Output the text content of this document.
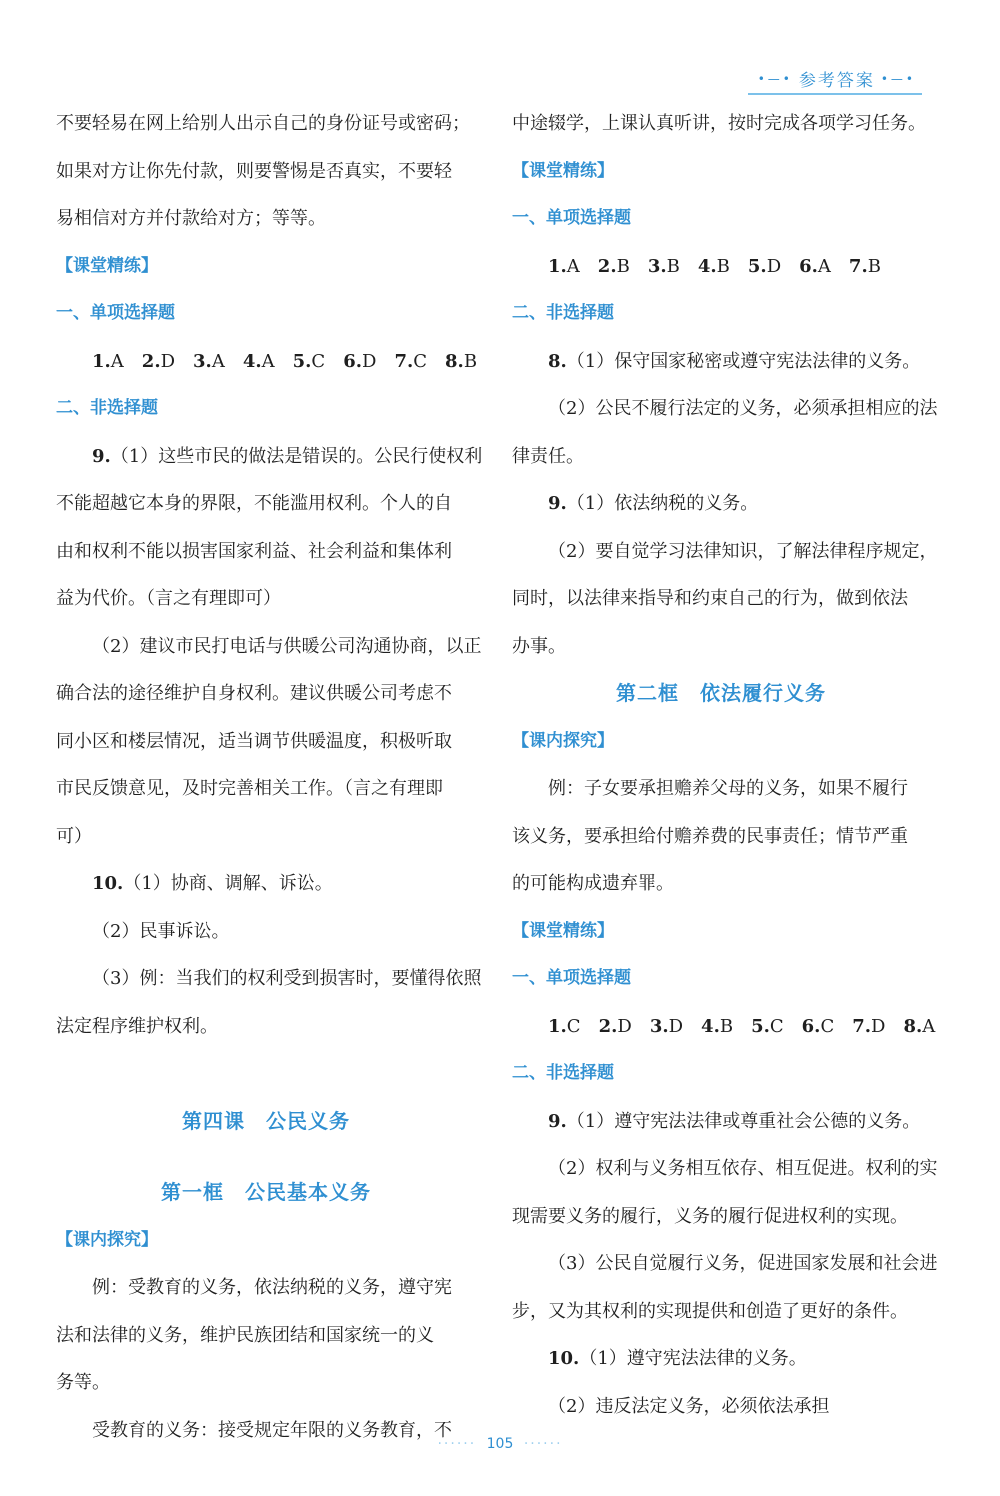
•—• 参考答案 •—•
不要轻易在网上给别人出示自己的身份证号或密码；
如果对方让你先付款，则要警惕是否真实，不要轻
易相信对方并付款给对方；等等。
【课堂精练】
一、单项选择题
1.A 2.D 3.A 4.A 5.C 6.D 7.C 8.B
二、非选择题
9.（1）这些市民的做法是错误的。公民行使权利
不能超越它本身的界限，不能滥用权利。个人的自
由和权利不能以损害国家利益、社会利益和集体利
益为代价。（言之有理即可）
（2）建议市民打电话与供暖公司沟通协商，以正
确合法的途径维护自身权利。建议供暖公司考虑不
同小区和楼层情况，适当调节供暖温度，积极听取
市民反馈意见，及时完善相关工作。（言之有理即
可）
10.（1）协商、调解、诉讼。
（2）民事诉讼。
（3）例：当我们的权利受到损害时，要懂得依照
法定程序维护权利。
第四课　公民义务
第一框　公民基本义务
【课内探究】
例：受教育的义务，依法纳税的义务，遵守宪
法和法律的义务，维护民族团结和国家统一的义
务等。
受教育的义务：接受规定年限的义务教育，不
中途辍学，上课认真听讲，按时完成各项学习任务。
【课堂精练】
一、单项选择题
1.A 2.B 3.B 4.B 5.D 6.A 7.B
二、非选择题
8.（1）保守国家秘密或遵守宪法法律的义务。
（2）公民不履行法定的义务，必须承担相应的法
律责任。
9.（1）依法纳税的义务。
（2）要自觉学习法律知识，了解法律程序规定，
同时，以法律来指导和约束自己的行为，做到依法
办事。
第二框　依法履行义务
【课内探究】
例：子女要承担赡养父母的义务，如果不履行
该义务，要承担给付赡养费的民事责任；情节严重
的可能构成遗弃罪。
【课堂精练】
一、单项选择题
1.C 2.D 3.D 4.B 5.C 6.C 7.D 8.A
二、非选择题
9.（1）遵守宪法法律或尊重社会公德的义务。
（2）权利与义务相互依存、相互促进。权利的实
现需要义务的履行，义务的履行促进权利的实现。
（3）公民自觉履行义务，促进国家发展和社会进
步，又为其权利的实现提供和创造了更好的条件。
10.（1）遵守宪法法律的义务。
（2）违反法定义务，必须依法承担
······ 105 ······
